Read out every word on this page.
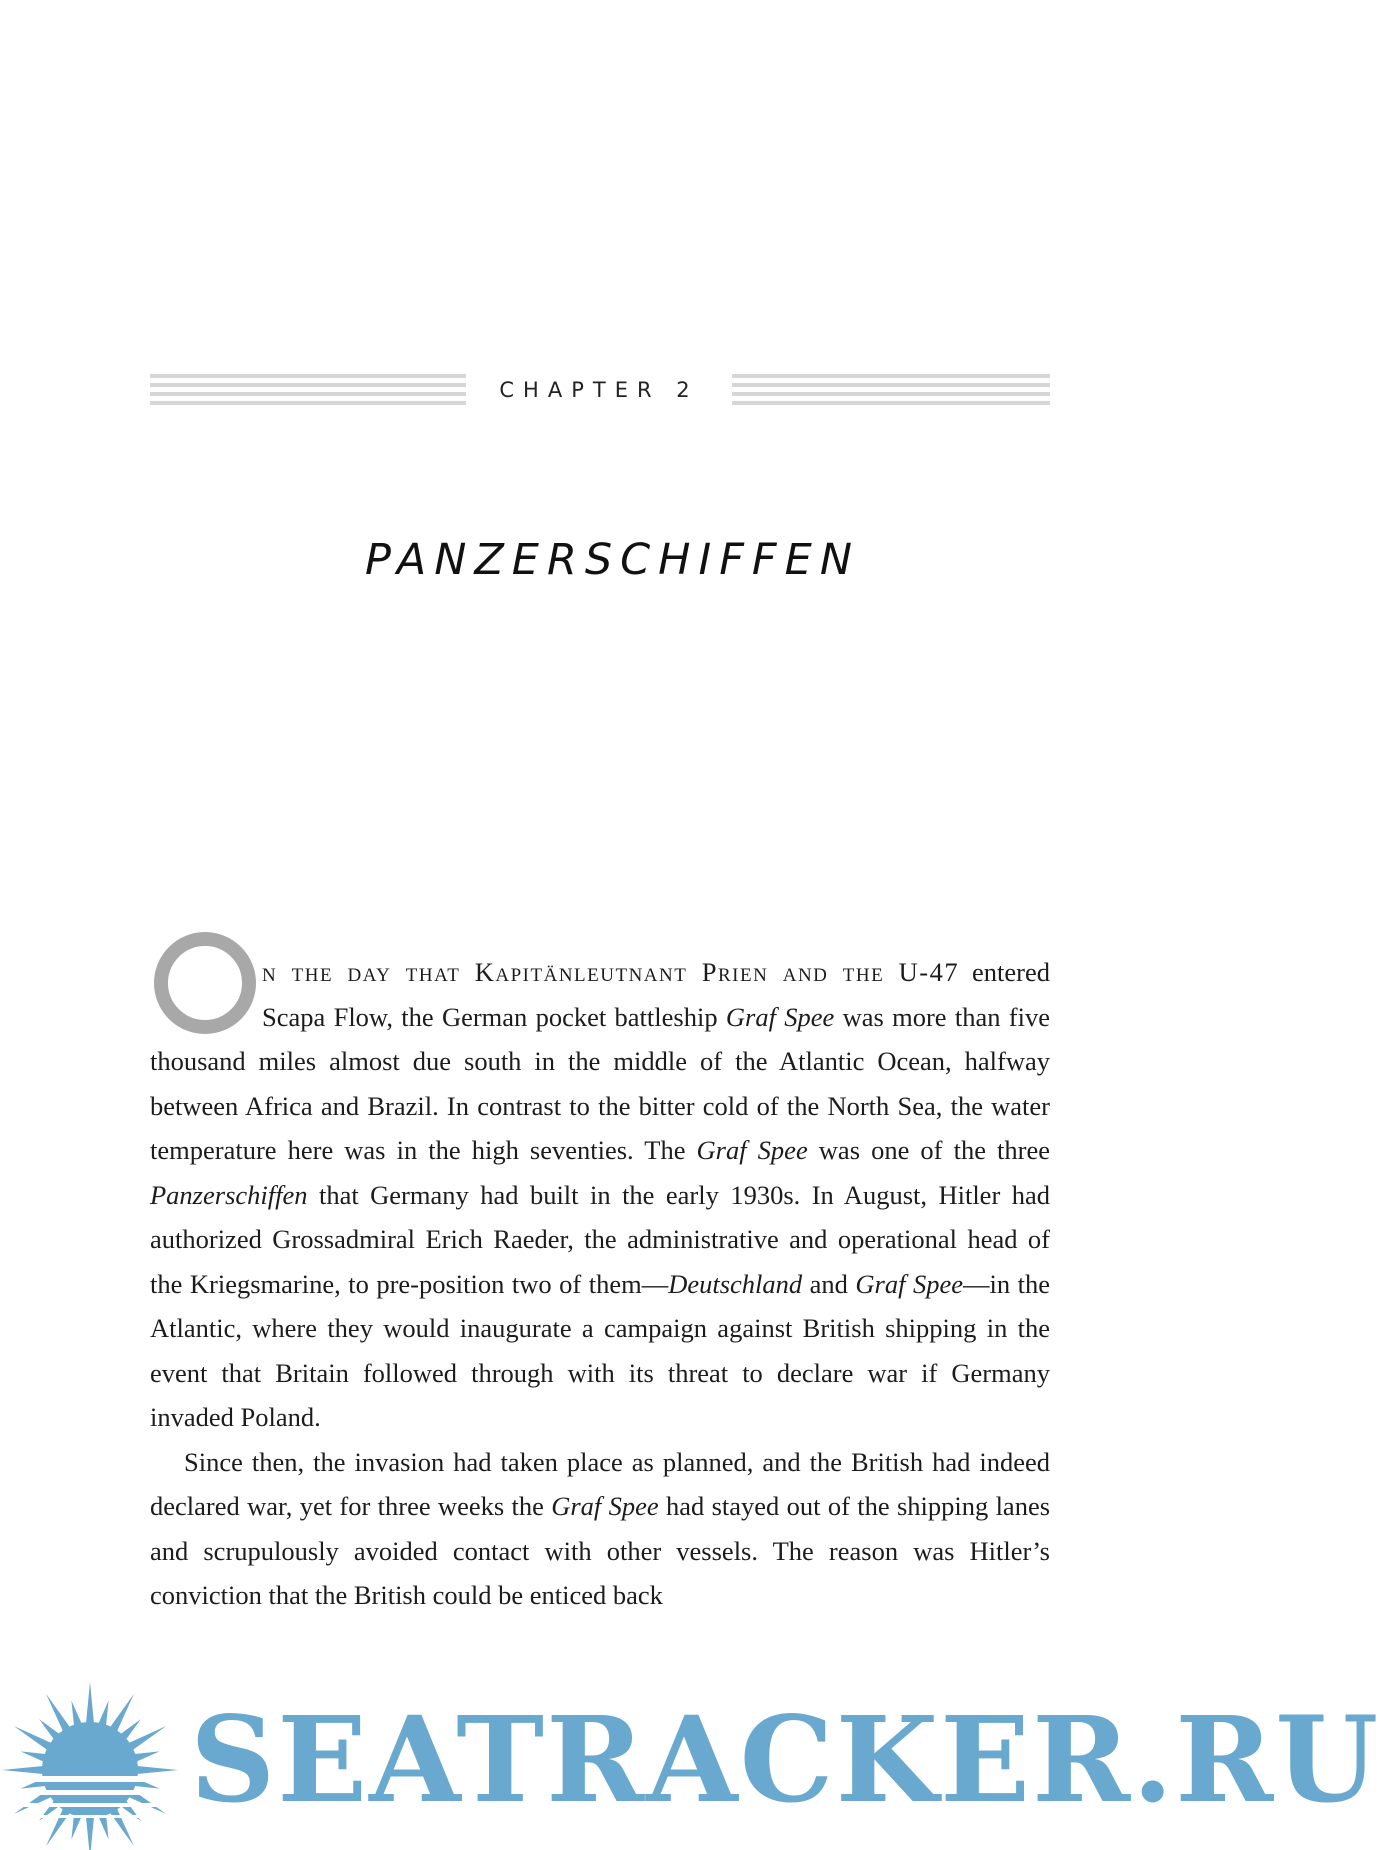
CHAPTER 2
PANZERSCHIFFEN

n the day that Kapitänleutnant Prien and the U-47 entered Scapa Flow, the German pocket battleship Graf Spee was more than five thousand miles almost due south in the middle of the Atlantic Ocean, halfway between Africa and Brazil. In contrast to the bitter cold of the North Sea, the water temperature here was in the high seventies. The Graf Spee was one of the three Panzerschiffen that Germany had built in the early 1930s. In August, Hitler had authorized Grossadmiral Erich Raeder, the administrative and operational head of the Kriegsmarine, to pre-position two of them—Deutschland and Graf Spee—in the Atlantic, where they would inaugurate a campaign against British shipping in the event that Britain followed through with its threat to declare war if Germany invaded Poland.

Since then, the invasion had taken place as planned, and the British had indeed declared war, yet for three weeks the Graf Spee had stayed out of the shipping lanes and scrupulously avoided contact with other vessels. The reason was Hitler’s conviction that the British could be enticed back

SEATRACKER.RU
